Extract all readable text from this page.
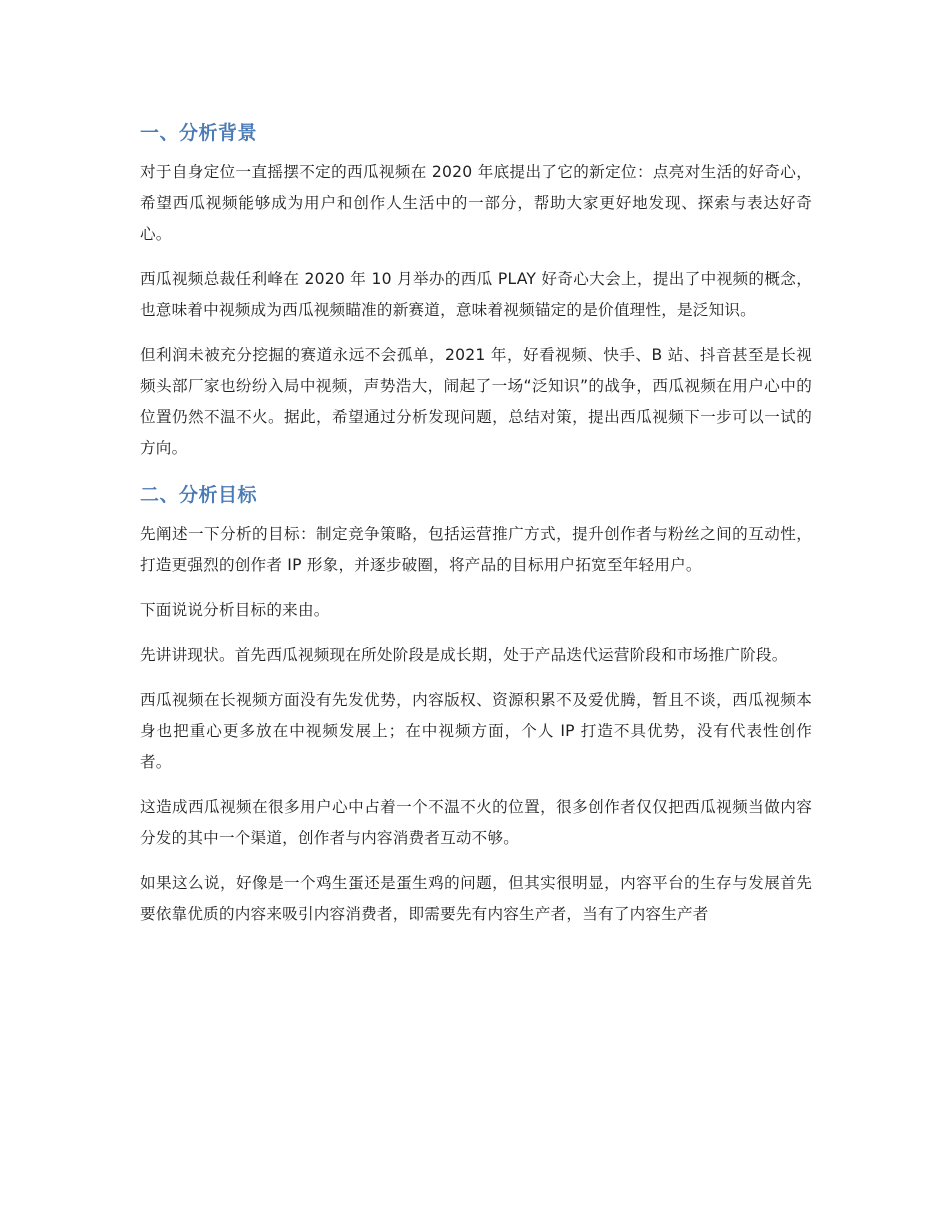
一、分析背景

对于自身定位一直摇摆不定的西瓜视频在 2020 年底提出了它的新定位：点亮对生活的好奇心，希望西瓜视频能够成为用户和创作人生活中的一部分，帮助大家更好地发现、探索与表达好奇心。

西瓜视频总裁任利峰在 2020 年 10 月举办的西瓜 PLAY 好奇心大会上，提出了中视频的概念，也意味着中视频成为西瓜视频瞄准的新赛道，意味着视频锚定的是价值理性，是泛知识。

但利润未被充分挖掘的赛道永远不会孤单，2021 年，好看视频、快手、B 站、抖音甚至是长视频头部厂家也纷纷入局中视频，声势浩大，闹起了一场“泛知识”的战争，西瓜视频在用户心中的位置仍然不温不火。据此，希望通过分析发现问题，总结对策，提出西瓜视频下一步可以一试的方向。

二、分析目标

先阐述一下分析的目标：制定竞争策略，包括运营推广方式，提升创作者与粉丝之间的互动性，打造更强烈的创作者 IP 形象，并逐步破圈，将产品的目标用户拓宽至年轻用户。

下面说说分析目标的来由。

先讲讲现状。首先西瓜视频现在所处阶段是成长期，处于产品迭代运营阶段和市场推广阶段。

西瓜视频在长视频方面没有先发优势，内容版权、资源积累不及爱优腾，暂且不谈，西瓜视频本身也把重心更多放在中视频发展上；在中视频方面，个人 IP 打造不具优势，没有代表性创作者。

这造成西瓜视频在很多用户心中占着一个不温不火的位置，很多创作者仅仅把西瓜视频当做内容分发的其中一个渠道，创作者与内容消费者互动不够。

如果这么说，好像是一个鸡生蛋还是蛋生鸡的问题，但其实很明显，内容平台的生存与发展首先要依靠优质的内容来吸引内容消费者，即需要先有内容生产者，当有了内容生产者
